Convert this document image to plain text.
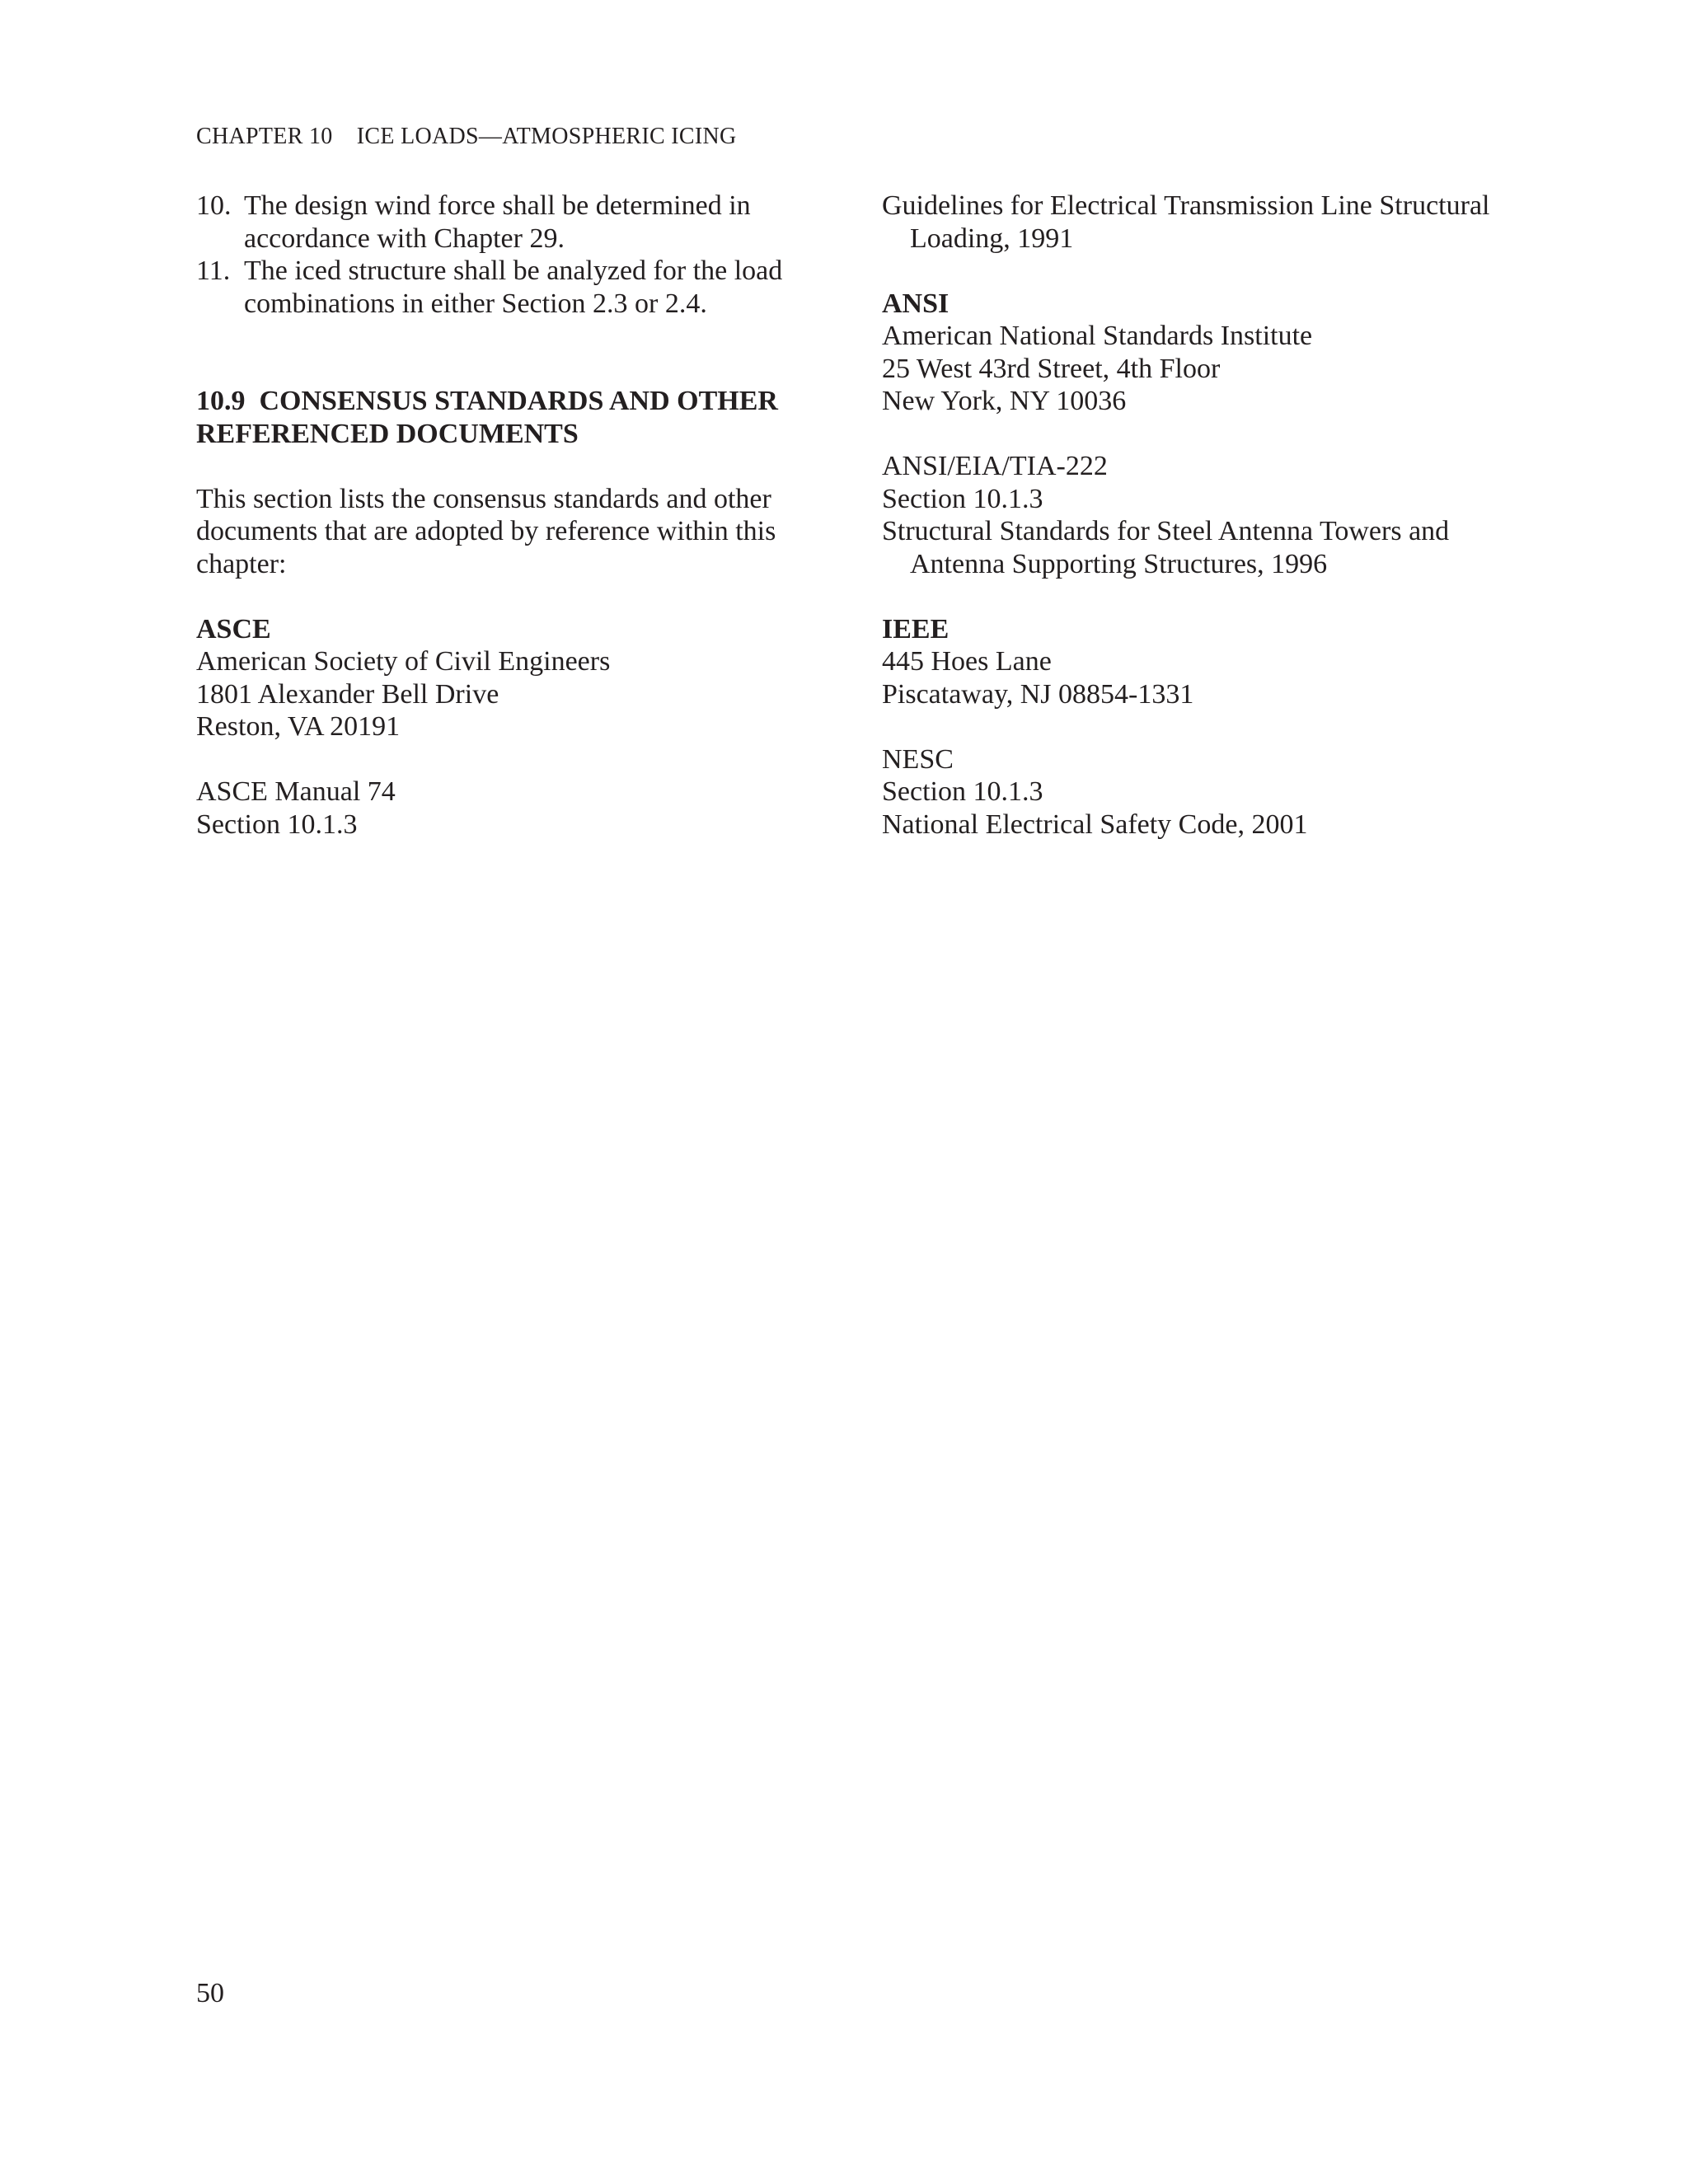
CHAPTER 10    ICE LOADS—ATMOSPHERIC ICING
10. The design wind force shall be determined in accordance with Chapter 29.
11. The iced structure shall be analyzed for the load combinations in either Section 2.3 or 2.4.
10.9  CONSENSUS STANDARDS AND OTHER
REFERENCED DOCUMENTS
This section lists the consensus standards and other documents that are adopted by reference within this chapter:
ASCE
American Society of Civil Engineers
1801 Alexander Bell Drive
Reston, VA 20191
ASCE Manual 74
Section 10.1.3
Guidelines for Electrical Transmission Line Structural Loading, 1991
ANSI
American National Standards Institute
25 West 43rd Street, 4th Floor
New York, NY 10036
ANSI/EIA/TIA-222
Section 10.1.3
Structural Standards for Steel Antenna Towers and Antenna Supporting Structures, 1996
IEEE
445 Hoes Lane
Piscataway, NJ 08854-1331
NESC
Section 10.1.3
National Electrical Safety Code, 2001
50
